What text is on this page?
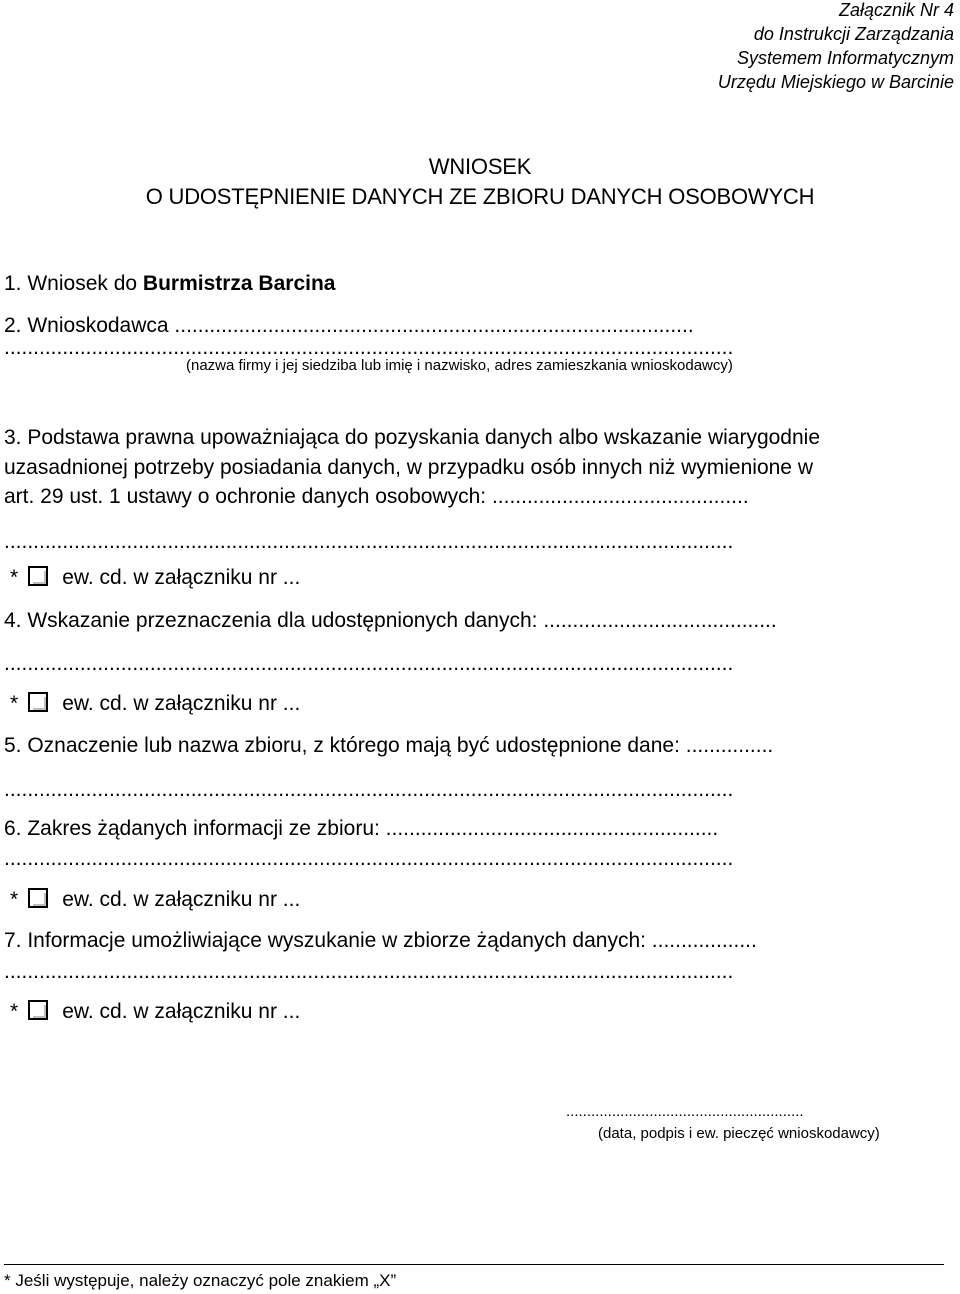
Załącznik Nr 4
do Instrukcji Zarządzania
Systemem Informatycznym
Urzędu Miejskiego w Barcinie
WNIOSEK
O UDOSTĘPNIENIE DANYCH ZE ZBIORU DANYCH OSOBOWYCH
1. Wniosek do Burmistrza Barcina
2. Wnioskodawca .........................................................................................
.............................................................................................................................
(nazwa firmy i jej siedziba lub imię i nazwisko, adres zamieszkania wnioskodawcy)
3. Podstawa prawna upoważniająca do pozyskania danych albo wskazanie wiarygodnie
uzasadnionej potrzeby posiadania danych, w przypadku osób innych niż wymienione w
art. 29 ust. 1 ustawy o ochronie danych osobowych: ............................................
.............................................................................................................................
* ew. cd. w załączniku nr ...
4. Wskazanie przeznaczenia dla udostępnionych danych: ........................................
.............................................................................................................................
* ew. cd. w załączniku nr ...
5. Oznaczenie lub nazwa zbioru, z którego mają być udostępnione dane: ...............
.............................................................................................................................
6. Zakres żądanych informacji ze zbioru: .........................................................
.............................................................................................................................
* ew. cd. w załączniku nr ...
7. Informacje umożliwiające wyszukanie w zbiorze żądanych danych: ..................
.............................................................................................................................
* ew. cd. w załączniku nr ...
.........................................................
(data, podpis i ew. pieczęć wnioskodawcy)
* Jeśli występuje, należy oznaczyć pole znakiem „X”
